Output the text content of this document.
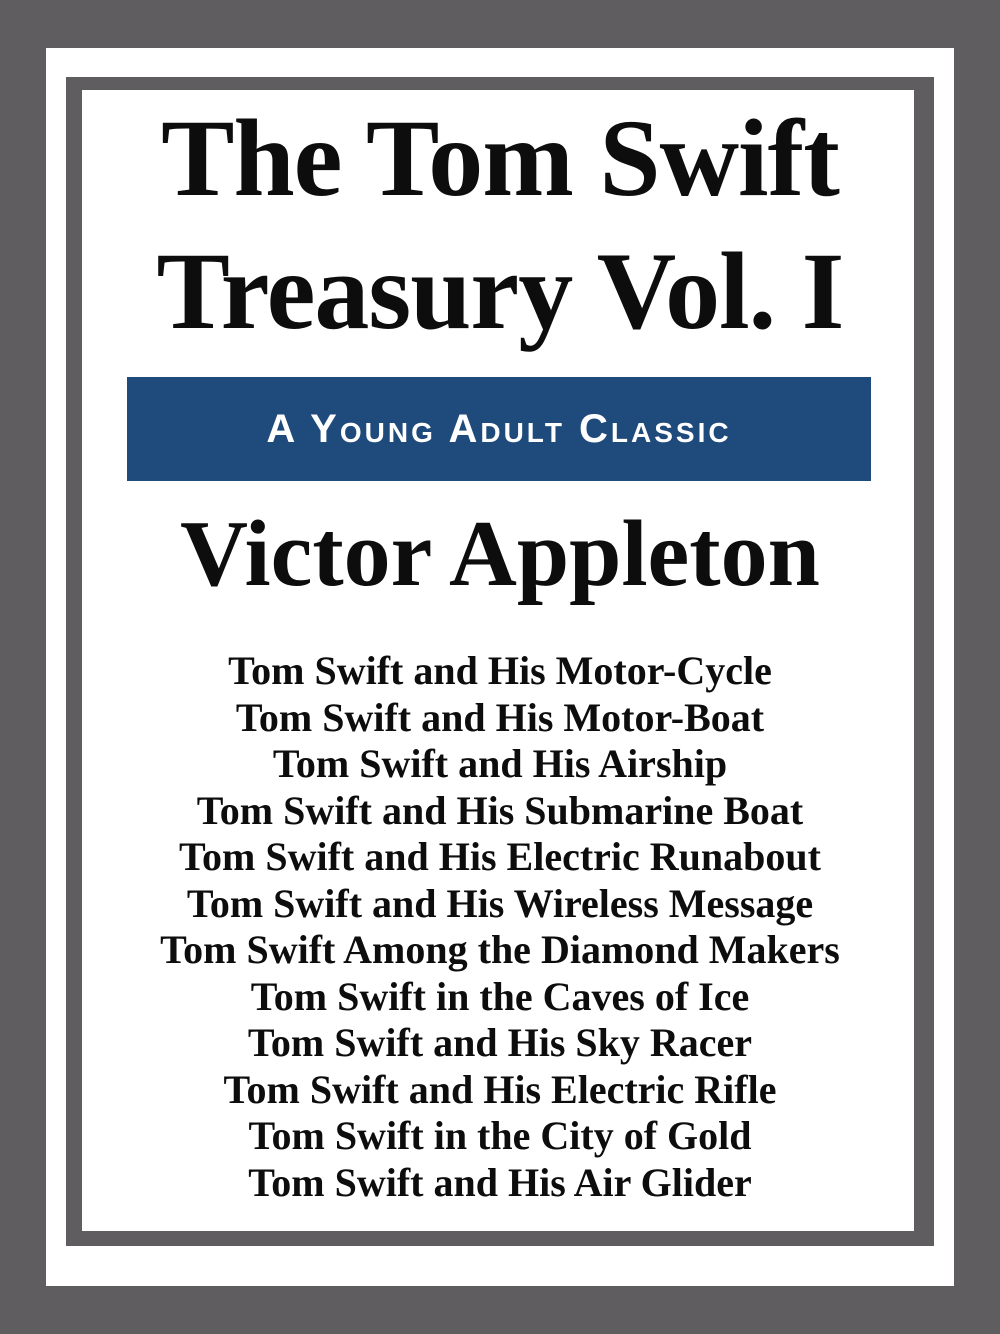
The Tom Swift
Treasury Vol. I
A Young Adult Classic
Victor Appleton
Tom Swift and His Motor-Cycle
Tom Swift and His Motor-Boat
Tom Swift and His Airship
Tom Swift and His Submarine Boat
Tom Swift and His Electric Runabout
Tom Swift and His Wireless Message
Tom Swift Among the Diamond Makers
Tom Swift in the Caves of Ice
Tom Swift and His Sky Racer
Tom Swift and His Electric Rifle
Tom Swift in the City of Gold
Tom Swift and His Air Glider
